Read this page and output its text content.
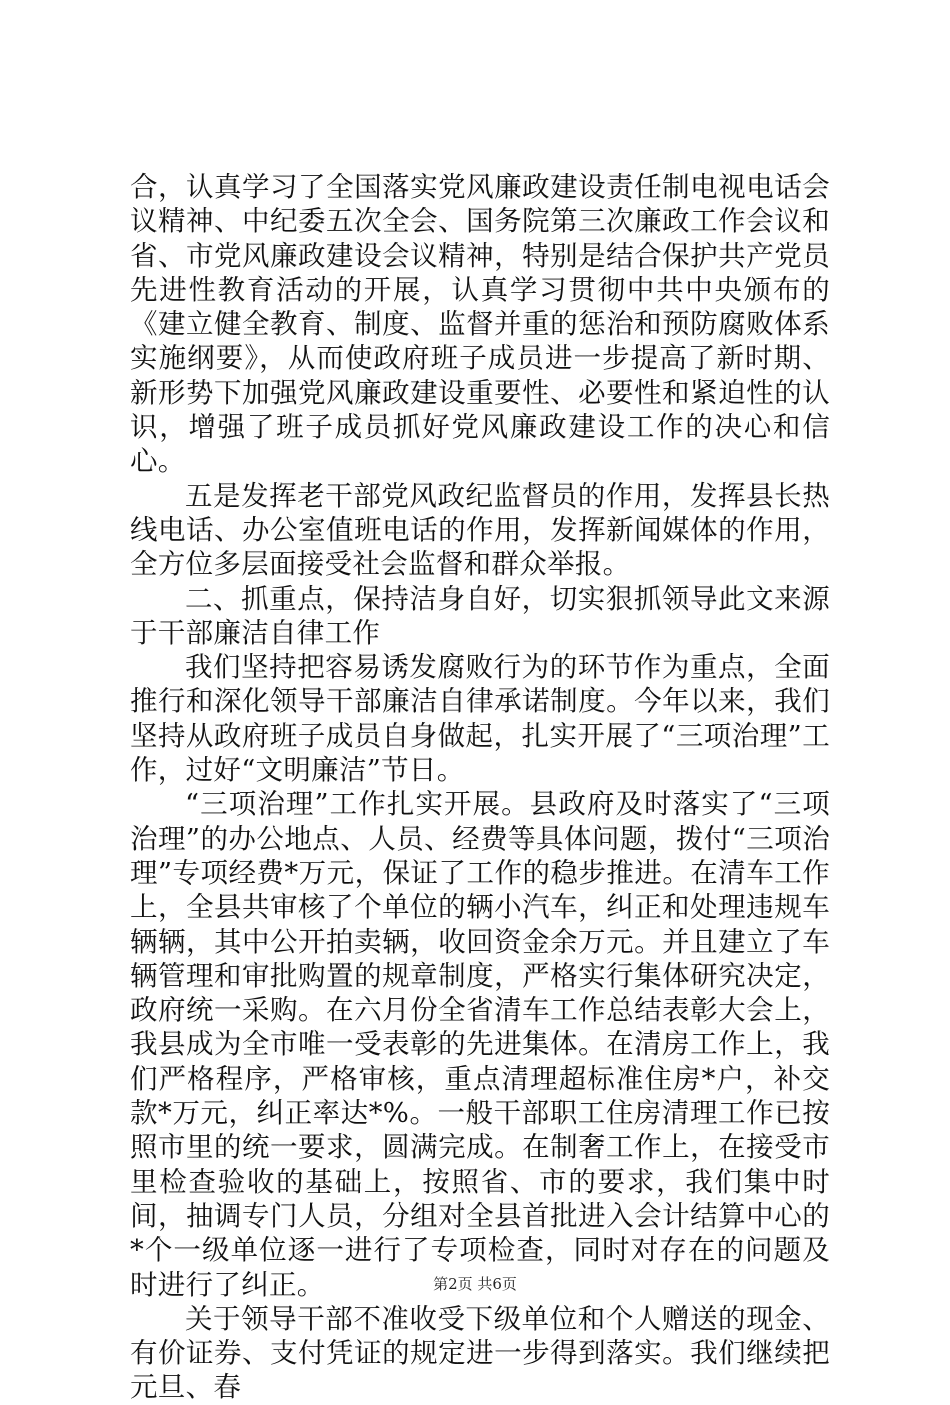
合，认真学习了全国落实党风廉政建设责任制电视电话会议精神、中纪委五次全会、国务院第三次廉政工作会议和省、市党风廉政建设会议精神，特别是结合保护共产党员先进性教育活动的开展，认真学习贯彻中共中央颁布的《建立健全教育、制度、监督并重的惩治和预防腐败体系实施纲要》，从而使政府班子成员进一步提高了新时期、新形势下加强党风廉政建设重要性、必要性和紧迫性的认识，增强了班子成员抓好党风廉政建设工作的决心和信心。

五是发挥老干部党风政纪监督员的作用，发挥县长热线电话、办公室值班电话的作用，发挥新闻媒体的作用，全方位多层面接受社会监督和群众举报。

二、抓重点，保持洁身自好，切实狠抓领导此文来源于干部廉洁自律工作

我们坚持把容易诱发腐败行为的环节作为重点，全面推行和深化领导干部廉洁自律承诺制度。今年以来，我们坚持从政府班子成员自身做起，扎实开展了“三项治理”工作，过好“文明廉洁”节日。

“三项治理”工作扎实开展。县政府及时落实了“三项治理”的办公地点、人员、经费等具体问题，拨付“三项治理”专项经费*万元，保证了工作的稳步推进。在清车工作上，全县共审核了个单位的辆小汽车，纠正和处理违规车辆辆，其中公开拍卖辆，收回资金余万元。并且建立了车辆管理和审批购置的规章制度，严格实行集体研究决定，政府统一采购。在六月份全省清车工作总结表彰大会上，我县成为全市唯一受表彰的先进集体。在清房工作上，我们严格程序，严格审核，重点清理超标准住房*户，补交款*万元，纠正率达*%。一般干部职工住房清理工作已按照市里的统一要求，圆满完成。在制奢工作上，在接受市里检查验收的基础上，按照省、市的要求，我们集中时间，抽调专门人员，分组对全县首批进入会计结算中心的*个一级单位逐一进行了专项检查，同时对存在的问题及时进行了纠正。

关于领导干部不准收受下级单位和个人赠送的现金、有价证券、支付凭证的规定进一步得到落实。我们继续把元旦、春

第2页 共6页
